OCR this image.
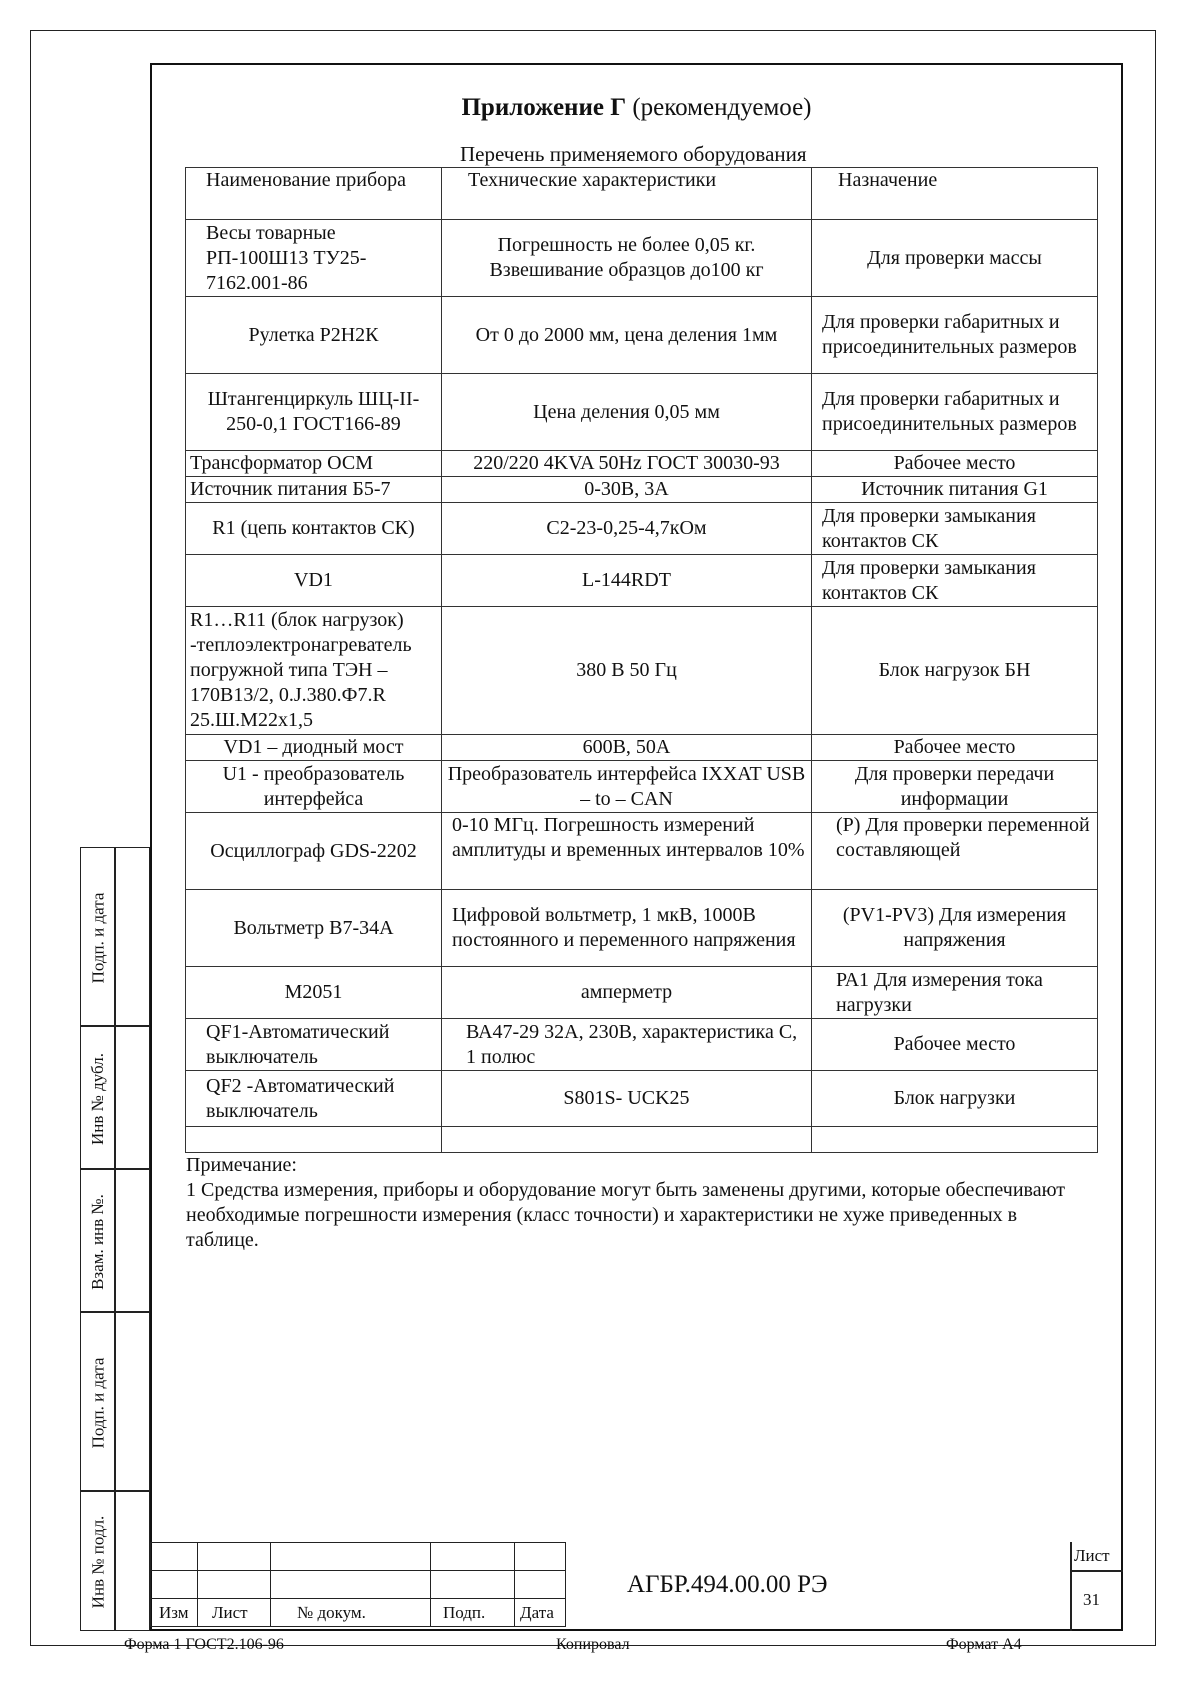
Приложение Г (рекомендуемое)
Перечень применяемого оборудования
Наименование прибора	Технические характеристики	Назначение
Весы товарные РП-100Ш13 ТУ25-7162.001-86	Погрешность не более 0,05 кг. Взвешивание образцов до100 кг	Для проверки массы
Рулетка Р2Н2К	От 0 до 2000 мм, цена деления 1мм	Для проверки габаритных и присоединительных размеров
Штангенциркуль ШЦ-II-250-0,1 ГОСТ166-89	Цена деления 0,05 мм	Для проверки габаритных и присоединительных размеров
Трансформатор ОСМ	220/220 4KVA 50Hz ГОСТ 30030-93	Рабочее место
Источник питания Б5-7	0-30В, 3А	Источник питания G1
R1 (цепь контактов СК)	С2-23-0,25-4,7кОм	Для проверки замыкания контактов СК
VD1	L-144RDT	Для проверки замыкания контактов СК
R1…R11 (блок нагрузок) -теплоэлектронагреватель погружной типа ТЭН – 170В13/2, 0.J.380.Ф7.R 25.Ш.М22х1,5	380 В 50 Гц	Блок нагрузок БН
VD1 – диодный мост	600В, 50А	Рабочее место
U1 - преобразователь интерфейса	Преобразователь интерфейса IXXAT USB – to – CAN	Для проверки передачи информации
Осциллограф GDS-2202	0-10 МГц. Погрешность измерений амплитуды и временных интервалов 10%	(Р) Для проверки переменной составляющей
Вольтметр В7-34А	Цифровой вольтметр, 1 мкВ, 1000В постоянного и переменного напряжения	(PV1-PV3) Для измерения напряжения
М2051	амперметр	РА1 Для измерения тока нагрузки
QF1-Автоматический выключатель	ВА47-29 32А, 230В, характеристика С, 1 полюс	Рабочее место
QF2 -Автоматический выключатель	S801S- UCK25	Блок нагрузки

Примечание:
1 Средства измерения, приборы и оборудование могут быть заменены другими, которые обеспечивают необходимые погрешности измерения (класс точности) и характеристики не хуже приведенных в таблице.
Подп. и дата
Инв № дубл.
Взам. инв №.
Подп. и дата
Инв № подл.

Изм	Лист	№ докум.	Подп.	Дата
АГБР.494.00.00 РЭ
Лист
31
Форма 1 ГОСТ2.106-96	Копировал	Формат А4
